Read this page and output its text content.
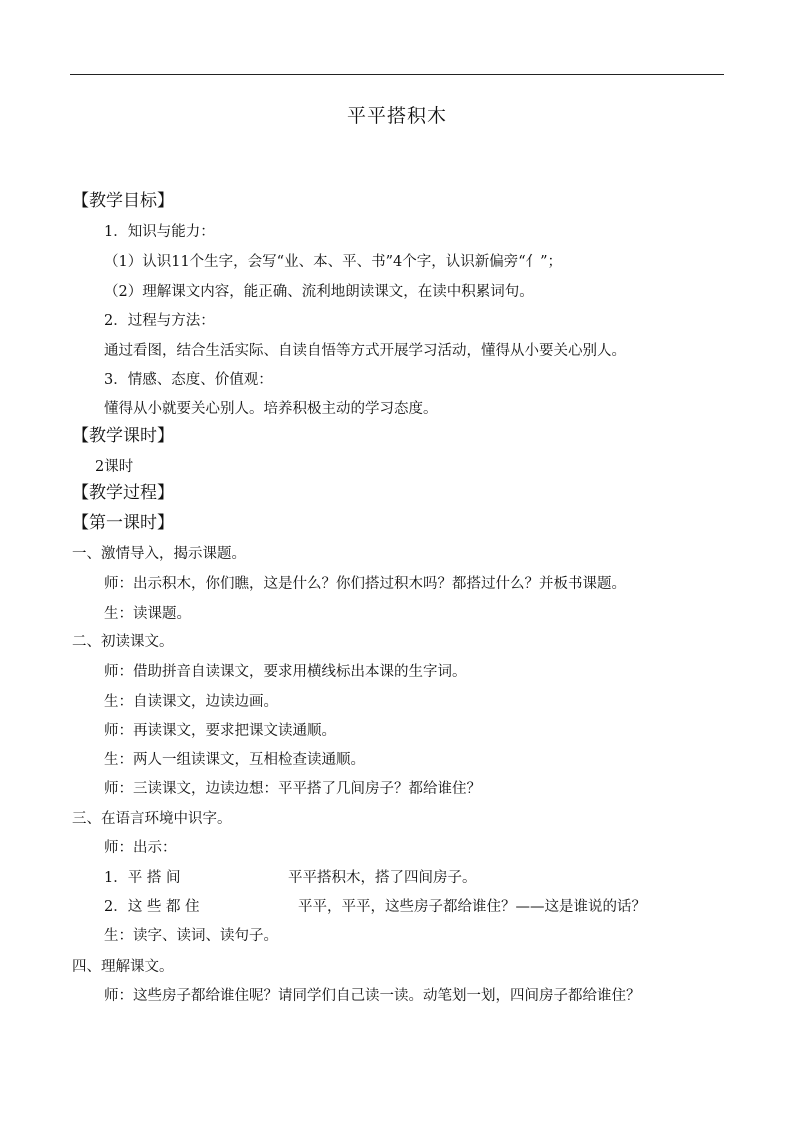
平平搭积木
【教学目标】
1．知识与能力：
（1）认识11个生字，会写“业、本、平、书”4个字，认识新偏旁“亻”；
（2）理解课文内容，能正确、流利地朗读课文，在读中积累词句。
2．过程与方法：
通过看图，结合生活实际、自读自悟等方式开展学习活动，懂得从小要关心别人。
3．情感、态度、价值观：
懂得从小就要关心别人。培养积极主动的学习态度。
【教学课时】
2课时
【教学过程】
【第一课时】
一、激情导入，揭示课题。
师：出示积木，你们瞧，这是什么？你们搭过积木吗？都搭过什么？并板书课题。
生：读课题。
二、初读课文。
师：借助拼音自读课文，要求用横线标出本课的生字词。
生：自读课文，边读边画。
师：再读课文，要求把课文读通顺。
生：两人一组读课文，互相检查读通顺。
师：三读课文，边读边想：平平搭了几间房子？都给谁住？
三、在语言环境中识字。
师：出示：
1．平 搭 间	平平搭积木，搭了四间房子。
2．这 些 都 住	平平，平平，这些房子都给谁住？——这是谁说的话？
生：读字、读词、读句子。
四、理解课文。
师：这些房子都给谁住呢？请同学们自己读一读。动笔划一划，四间房子都给谁住？
